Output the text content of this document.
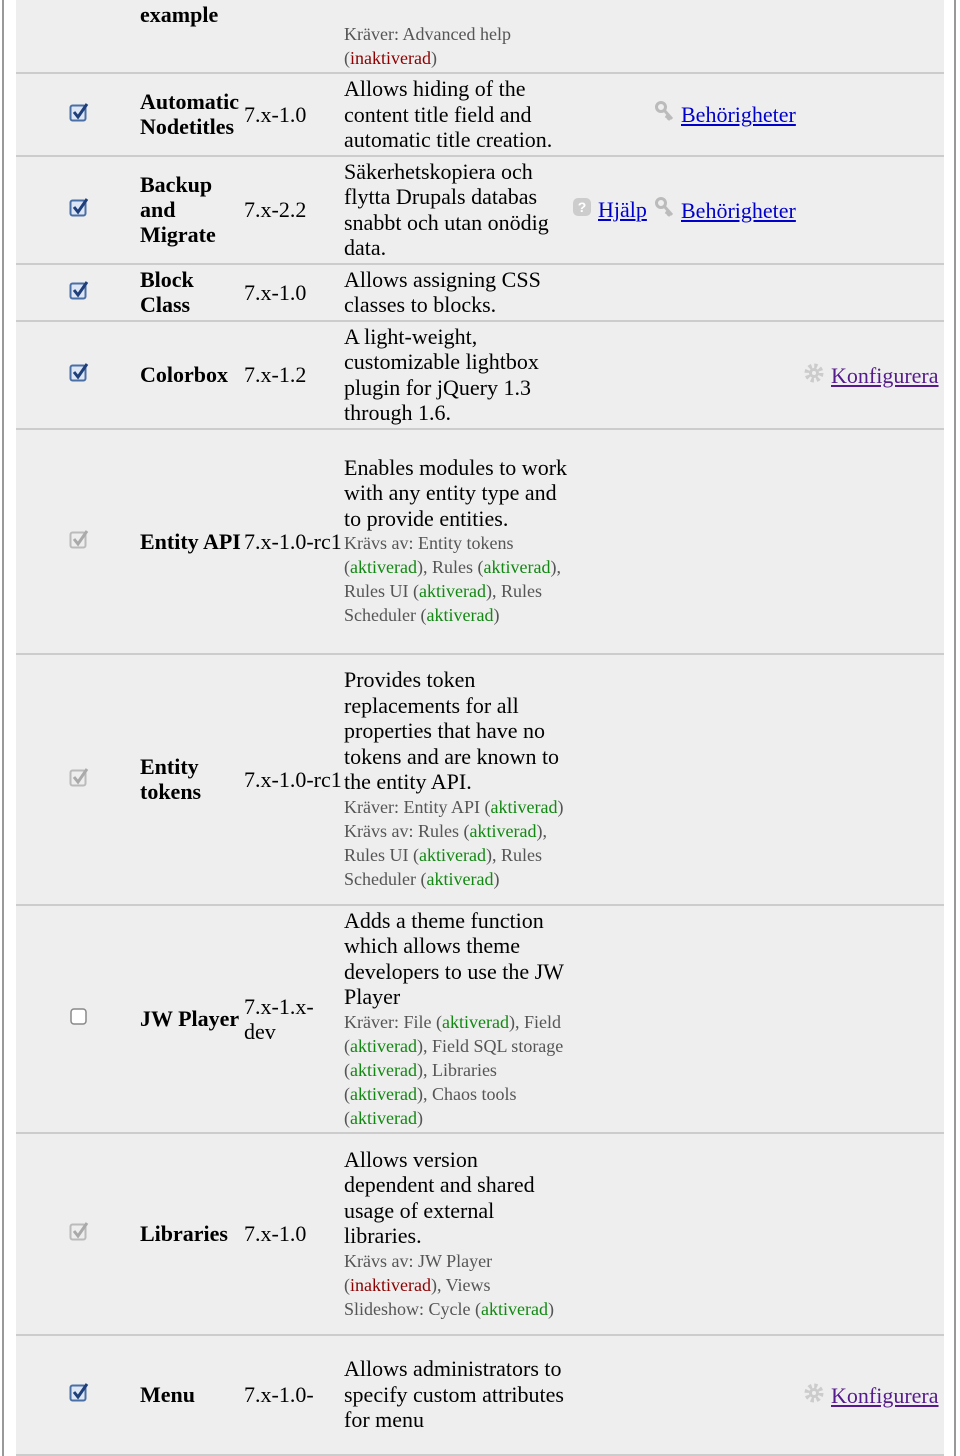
example
Kräver: Advanced help (inaktiverad)
Automatic Nodetitles 7.x-1.0
Allows hiding of the content title field and automatic title creation.
Behörigheter
Backup and Migrate
7.x-2.2
Säkerhetskopiera och flytta Drupals databas snabbt och utan onödig data.
? Hjälp Behörigheter
Block Class	7.x-1.0
Allows assigning CSS classes to blocks.
Colorbox 7.x-1.2
A light-weight, customizable lightbox plugin for jQuery 1.3 through 1.6.
Konfigurera
Entity API 7.x-1.0-rc1
Enables modules to work with any entity type and to provide entities.
Krävs av: Entity tokens (aktiverad), Rules (aktiverad), Rules UI (aktiverad), Rules Scheduler (aktiverad)
Entity tokens	7.x-1.0-rc1
Provides token replacements for all properties that have no tokens and are known to the entity API.
Kräver: Entity API (aktiverad)
Krävs av: Rules (aktiverad), Rules UI (aktiverad), Rules Scheduler (aktiverad)
JW Player 7.x-1.x-dev
Adds a theme function which allows theme developers to use the JW Player
Kräver: File (aktiverad), Field (aktiverad), Field SQL storage (aktiverad), Libraries (aktiverad), Chaos tools (aktiverad)
Libraries 7.x-1.0
Allows version dependent and shared usage of external libraries.
Krävs av: JW Player (inaktiverad), Views Slideshow: Cycle (aktiverad)
Menu 7.x-1.0-
Allows administrators to specify custom attributes for menu
Konfigurera
